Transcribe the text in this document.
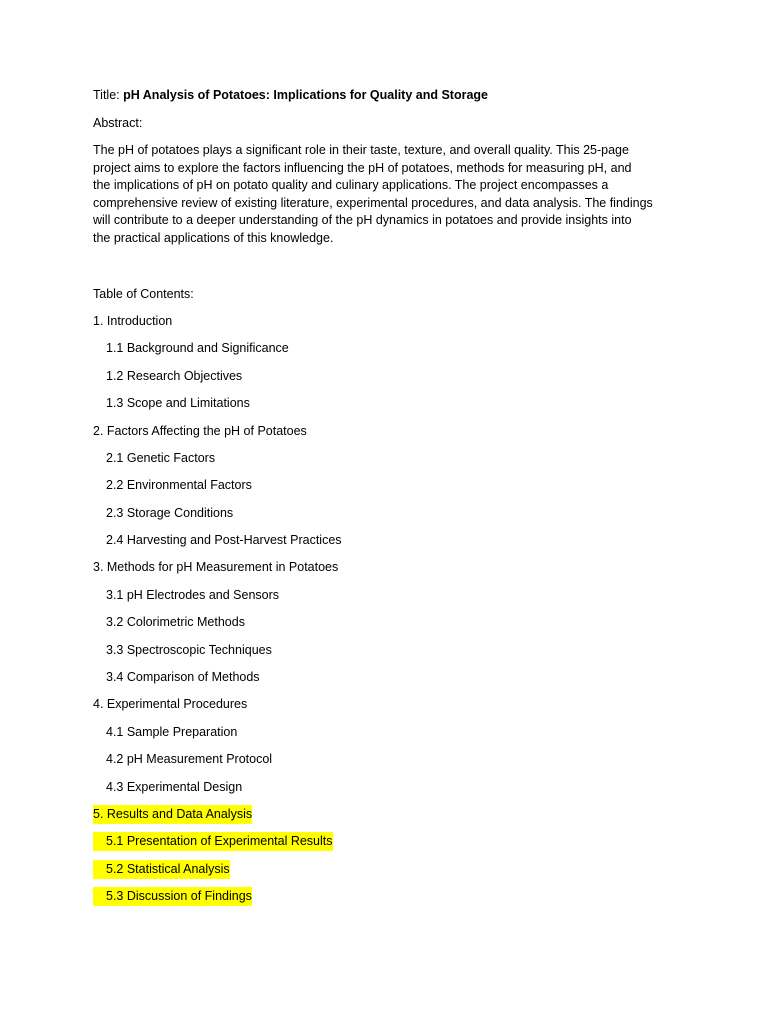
Title: pH Analysis of Potatoes: Implications for Quality and Storage
Abstract:
The pH of potatoes plays a significant role in their taste, texture, and overall quality. This 25-page
project aims to explore the factors influencing the pH of potatoes, methods for measuring pH, and
the implications of pH on potato quality and culinary applications. The project encompasses a
comprehensive review of existing literature, experimental procedures, and data analysis. The findings
will contribute to a deeper understanding of the pH dynamics in potatoes and provide insights into
the practical applications of this knowledge.
Table of Contents:
1. Introduction
1.1 Background and Significance
1.2 Research Objectives
1.3 Scope and Limitations
2. Factors Affecting the pH of Potatoes
2.1 Genetic Factors
2.2 Environmental Factors
2.3 Storage Conditions
2.4 Harvesting and Post-Harvest Practices
3. Methods for pH Measurement in Potatoes
3.1 pH Electrodes and Sensors
3.2 Colorimetric Methods
3.3 Spectroscopic Techniques
3.4 Comparison of Methods
4. Experimental Procedures
4.1 Sample Preparation
4.2 pH Measurement Protocol
4.3 Experimental Design
5. Results and Data Analysis
5.1 Presentation of Experimental Results
5.2 Statistical Analysis
5.3 Discussion of Findings
